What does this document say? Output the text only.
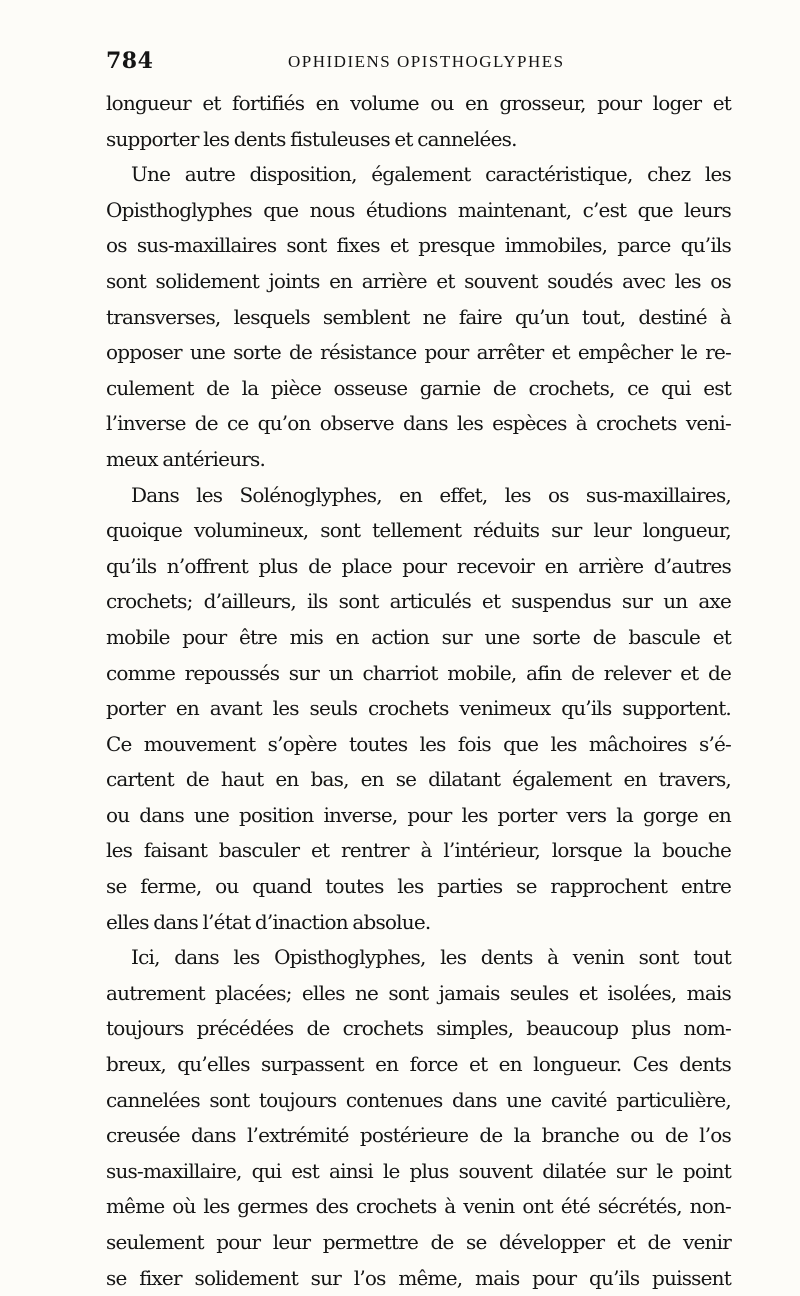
784	OPHIDIENS OPISTHOGLYPHES
longueur et fortifiés en volume ou en grosseur, pour loger et
supporter les dents fistuleuses et cannelées.
Une autre disposition, également caractéristique, chez les
Opisthoglyphes que nous étudions maintenant, c’est que leurs
os sus-maxillaires sont fixes et presque immobiles, parce qu’ils
sont solidement joints en arrière et souvent soudés avec les os
transverses, lesquels semblent ne faire qu’un tout, destiné à
opposer une sorte de résistance pour arrêter et empêcher le re-
culement de la pièce osseuse garnie de crochets, ce qui est
l’inverse de ce qu’on observe dans les espèces à crochets veni-
meux antérieurs.
Dans les Solénoglyphes, en effet, les os sus-maxillaires,
quoique volumineux, sont tellement réduits sur leur longueur,
qu’ils n’offrent plus de place pour recevoir en arrière d’autres
crochets; d’ailleurs, ils sont articulés et suspendus sur un axe
mobile pour être mis en action sur une sorte de bascule et
comme repoussés sur un charriot mobile, afin de relever et de
porter en avant les seuls crochets venimeux qu’ils supportent.
Ce mouvement s’opère toutes les fois que les mâchoires s’é-
cartent de haut en bas, en se dilatant également en travers,
ou dans une position inverse, pour les porter vers la gorge en
les faisant basculer et rentrer à l’intérieur, lorsque la bouche
se ferme, ou quand toutes les parties se rapprochent entre
elles dans l’état d’inaction absolue.
Ici, dans les Opisthoglyphes, les dents à venin sont tout
autrement placées; elles ne sont jamais seules et isolées, mais
toujours précédées de crochets simples, beaucoup plus nom-
breux, qu’elles surpassent en force et en longueur. Ces dents
cannelées sont toujours contenues dans une cavité particulière,
creusée dans l’extrémité postérieure de la branche ou de l’os
sus-maxillaire, qui est ainsi le plus souvent dilatée sur le point
même où les germes des crochets à venin ont été sécrétés, non-
seulement pour leur permettre de se développer et de venir
se fixer solidement sur l’os même, mais pour qu’ils puissent
